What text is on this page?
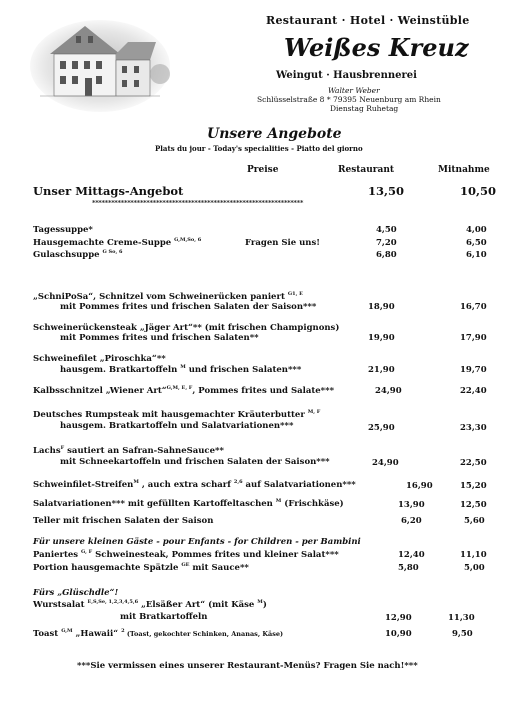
Restaurant · Hotel · Weinstüble
Weißes Kreuz
Weingut · Hausbrennerei
Walter Weber
Schlüsselstraße 8 * 79395 Neuenburg am Rhein
Dienstag Ruhetag
Unsere Angebote
Plats du jour - Today's specialities - Piatto del giorno
Preise	Restaurant	Mitnahme
Unser Mittags-Angebot	13,50	10,50
******************************************************************
Tagessuppe*	4,50	4,00
Hausgemachte Creme-Suppe $^{G,M,So, 6}$	Fragen Sie uns!	7,20	6,50
Gulaschsuppe $^{G So, 6}$	6,80	6,10
„SchniPoSa“, Schnitzel vom Schweinerücken paniert $^{G1, E}$
mit Pommes frites und frischen Salaten der Saison***	18,90	16,70
Schweinerückensteak „Jäger Art“** (mit frischen Champignons)
mit Pommes frites und frischen Salaten**	19,90	17,90
Schweinefilet „Piroschka“**
hausgem. Bratkartoffeln $^M$ und frischen Salaten***	21,90	19,70
Kalbsschnitzel „Wiener Art“$^{G,M, E, F}$, Pommes frites und Salate***	24,90	22,40
Deutsches Rumpsteak mit hausgemachter Kräuterbutter $^{M, F}$
hausgem. Bratkartoffeln und Salatvariationen***	25,90	23,30
Lachs$^F$ sautiert an Safran-SahneSauce**
mit Schneekartoffeln und frischen Salaten der Saison***	24,90	22,50
Schweinfilet-Streifen$^M$ , auch extra scharf $^{2,6}$ auf Salatvariationen***	16,90	15,20
Salatvariationen*** mit gefüllten Kartoffeltaschen $^M$ (Frischkäse)	13,90	12,50
Teller mit frischen Salaten der Saison	6,20	5,60
Für unsere kleinen Gäste - pour Enfants - for Children - per Bambini
Paniertes $^{G, F}$ Schweinesteak, Pommes frites und kleiner Salat***	12,40	11,10
Portion hausgemachte Spätzle $^{GE}$ mit Sauce**	5,80	5,00
Fürs „Glüschdle“!
Wurstsalat $^{E,S,Se, 1,2,3,4,5,6}$ „Elsäßer Art“ (mit Käse $^M$)
mit Bratkartoffeln	12,90	11,30
Toast $^{G,M}$ „Hawaii“ $^2$ (Toast, gekochter Schinken, Ananas, Käse)	10,90	9,50
***Sie vermissen eines unserer Restaurant-Menüs? Fragen Sie nach!***
